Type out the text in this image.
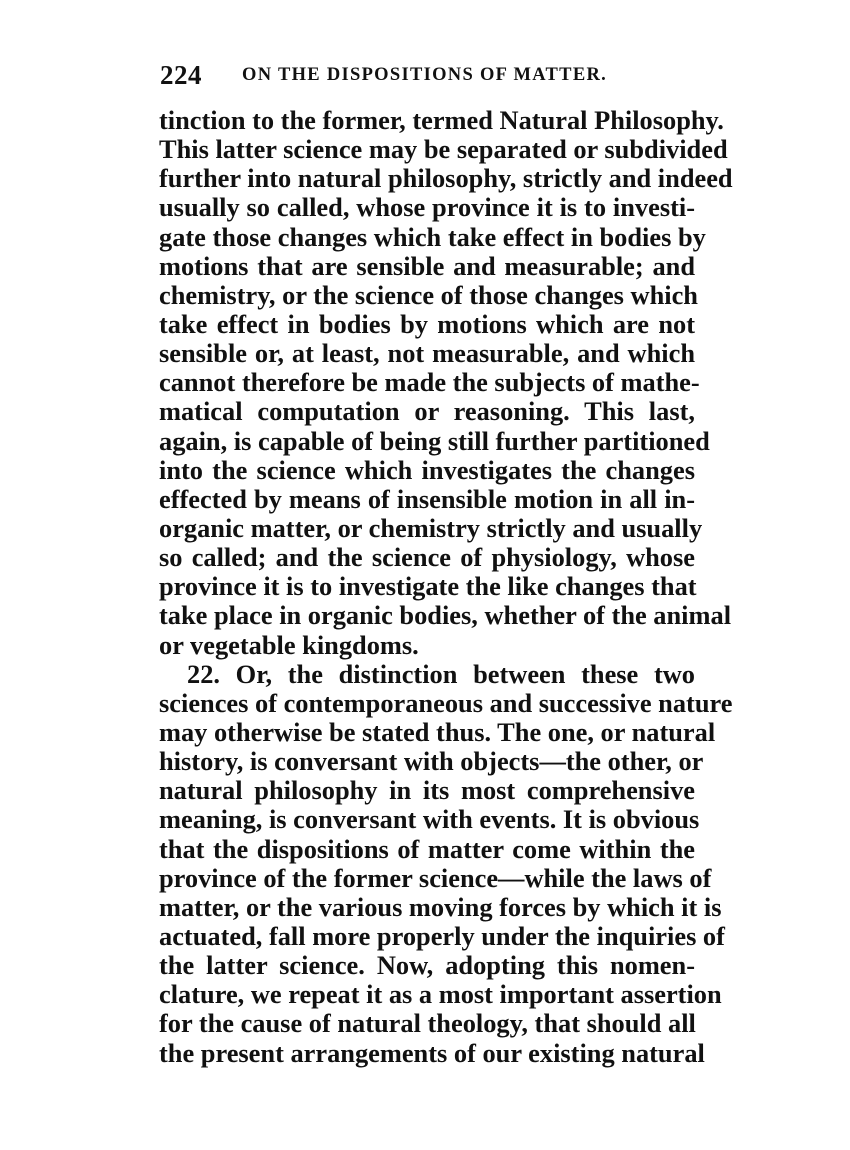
224 ON THE DISPOSITIONS OF MATTER.
tinction to the former, termed Natural Philosophy.
This latter science may be separated or subdivided
further into natural philosophy, strictly and indeed
usually so called, whose province it is to investi-
gate those changes which take effect in bodies by
motions that are sensible and measurable; and
chemistry, or the science of those changes which
take effect in bodies by motions which are not
sensible or, at least, not measurable, and which
cannot therefore be made the subjects of mathe-
matical computation or reasoning. This last,
again, is capable of being still further partitioned
into the science which investigates the changes
effected by means of insensible motion in all in-
organic matter, or chemistry strictly and usually
so called; and the science of physiology, whose
province it is to investigate the like changes that
take place in organic bodies, whether of the animal
or vegetable kingdoms.
22. Or, the distinction between these two
sciences of contemporaneous and successive nature
may otherwise be stated thus. The one, or natural
history, is conversant with objects—the other, or
natural philosophy in its most comprehensive
meaning, is conversant with events. It is obvious
that the dispositions of matter come within the
province of the former science—while the laws of
matter, or the various moving forces by which it is
actuated, fall more properly under the inquiries of
the latter science. Now, adopting this nomen-
clature, we repeat it as a most important assertion
for the cause of natural theology, that should all
the present arrangements of our existing natural
